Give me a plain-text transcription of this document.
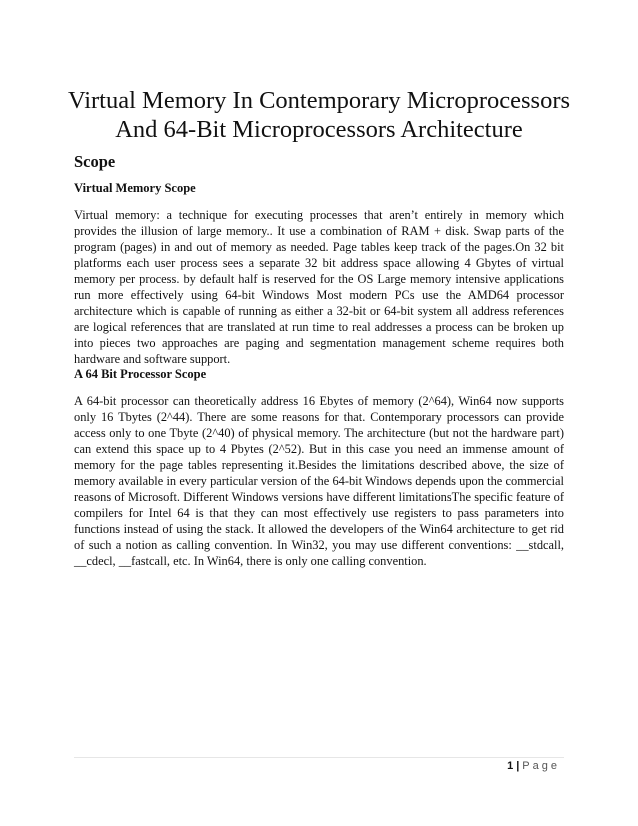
Virtual Memory In Contemporary Microprocessors
And 64-Bit Microprocessors Architecture
Scope
Virtual Memory Scope

Virtual memory: a technique for executing processes that aren’t entirely in memory which provides the illusion of large memory.. It use a combination of RAM + disk. Swap parts of the program (pages) in and out of memory as needed. Page tables keep track of the pages.On 32 bit platforms each user process sees a separate 32 bit address space allowing 4 Gbytes of virtual memory per process. by default half is reserved for the OS Large memory intensive applications run more effectively using 64-bit Windows Most modern PCs use the AMD64 processor architecture which is capable of running as either a 32-bit or 64-bit system all address references are logical references that are translated at run time to real addresses a process can be broken up into pieces two approaches are paging and segmentation management scheme requires both hardware and software support.

A 64 Bit Processor Scope

A 64-bit processor can theoretically address 16 Ebytes of memory (2^64), Win64 now supports only 16 Tbytes (2^44). There are some reasons for that. Contemporary processors can provide access only to one Tbyte (2^40) of physical memory. The architecture (but not the hardware part) can extend this space up to 4 Pbytes (2^52). But in this case you need an immense amount of memory for the page tables representing it.Besides the limitations described above, the size of memory available in every particular version of the 64-bit Windows depends upon the commercial reasons of Microsoft. Different Windows versions have different limitationsThe specific feature of compilers for Intel 64 is that they can most effectively use registers to pass parameters into functions instead of using the stack. It allowed the developers of the Win64 architecture to get rid of such a notion as calling convention. In Win32, you may use different conventions: __stdcall, __cdecl, __fastcall, etc. In Win64, there is only one calling convention.

1 | Page
